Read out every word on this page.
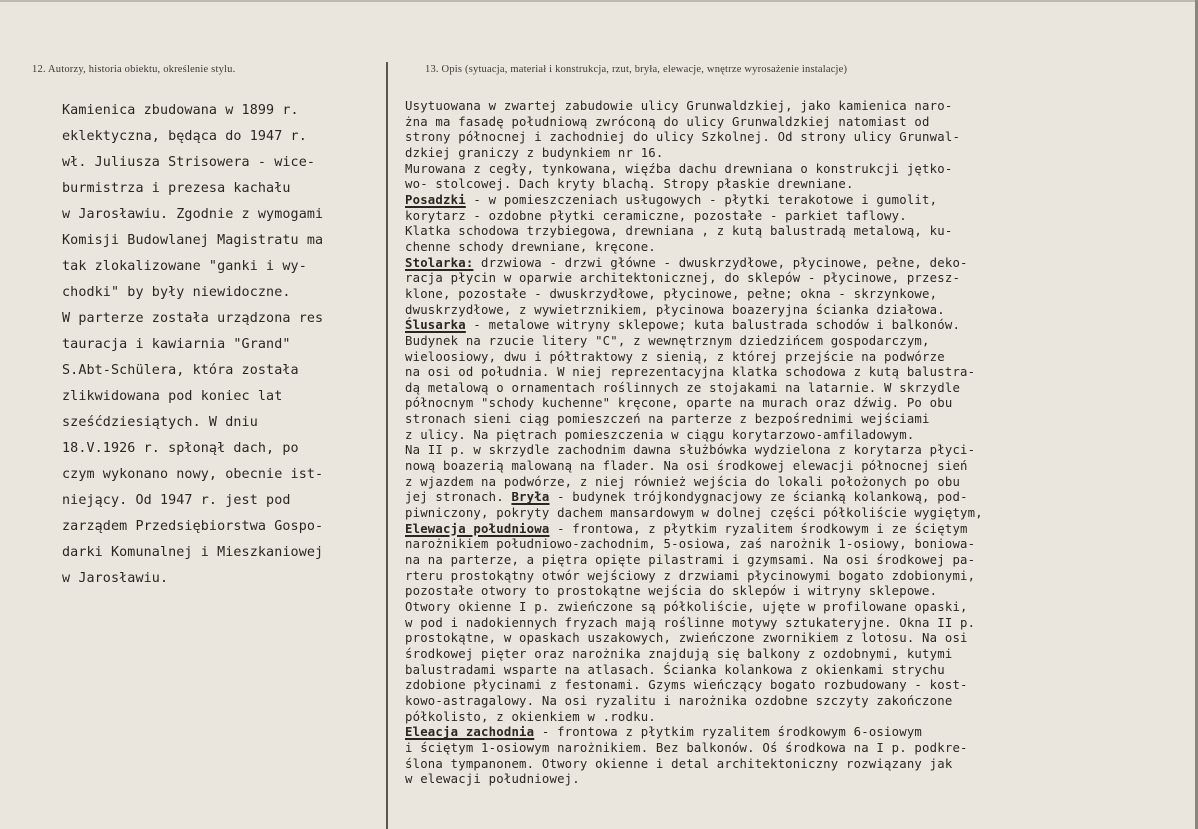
12. Autorzy, historia obiektu, określenie stylu.	13. Opis (sytuacja, materiał i konstrukcja, rzut, bryła, elewacje, wnętrze wyrosażenie instalacje)
Kamienica zbudowana w 1899 r.
eklektyczna, będąca do 1947 r.
wł. Juliusza Strisowera - wice-
burmistrza i prezesa kachału
w Jarosławiu. Zgodnie z wymogami
Komisji Budowlanej Magistratu ma
tak zlokalizowane "ganki i wy-
chodki" by były niewidoczne.
W parterze została urządzona res
tauracja i kawiarnia "Grand"
S.Abt-Schülera, która została
zlikwidowana pod koniec lat
sześćdziesiątych. W dniu
18.V.1926 r. spłonął dach, po
czym wykonano nowy, obecnie ist-
niejący. Od 1947 r. jest pod
zarządem Przedsiębiorstwa Gospo-
darki Komunalnej i Mieszkaniowej
w Jarosławiu.
Usytuowana w zwartej zabudowie ulicy Grunwaldzkiej, jako kamienica naro-
żna ma fasadę południową zwróconą do ulicy Grunwaldzkiej natomiast od
strony północnej i zachodniej do ulicy Szkolnej. Od strony ulicy Grunwal-
dzkiej graniczy z budynkiem nr 16.
Murowana z cegły, tynkowana, więźba dachu drewniana o konstrukcji jętko-
wo- stolcowej. Dach kryty blachą. Stropy płaskie drewniane.
Posadzki - w pomieszczeniach usługowych - płytki terakotowe i gumolit,
korytarz - ozdobne płytki ceramiczne, pozostałe - parkiet taflowy.
Klatka schodowa trzybiegowa, drewniana , z kutą balustradą metalową, ku-
chenne schody drewniane, kręcone.
Stolarka: drzwiowa - drzwi główne - dwuskrzydłowe, płycinowe, pełne, deko-
racja płycin w oparwie architektonicznej, do sklepów - płycinowe, przesz-
klone, pozostałe - dwuskrzydłowe, płycinowe, pełne; okna - skrzynkowe,
dwuskrzydłowe, z wywietrznikiem, płycinowa boazeryjna ścianka działowa.
Ślusarka - metalowe witryny sklepowe; kuta balustrada schodów i balkonów.
Budynek na rzucie litery "C", z wewnętrznym dziedzińcem gospodarczym,
wieloosiowy, dwu i półtraktowy z sienią, z której przejście na podwórze
na osi od południa. W niej reprezentacyjna klatka schodowa z kutą balustra-
dą metalową o ornamentach roślinnych ze stojakami na latarnie. W skrzydle
północnym "schody kuchenne" kręcone, oparte na murach oraz dźwig. Po obu
stronach sieni ciąg pomieszczeń na parterze z bezpośrednimi wejściami
z ulicy. Na piętrach pomieszczenia w ciągu korytarzowo-amfiladowym.
Na II p. w skrzydle zachodnim dawna służbówka wydzielona z korytarza płyci-
nową boazerią malowaną na flader. Na osi środkowej elewacji północnej sień
z wjazdem na podwórze, z niej również wejścia do lokali położonych po obu
jej stronach. Bryła - budynek trójkondygnacjowy ze ścianką kolankową, pod-
piwniczony, pokryty dachem mansardowym w dolnej części półkoliście wygiętym,
Elewacja południowa - frontowa, z płytkim ryzalitem środkowym i ze ściętym
narożnikiem południowo-zachodnim, 5-osiowa, zaś narożnik 1-osiowy, boniowa-
na na parterze, a piętra opięte pilastrami i gzymsami. Na osi środkowej pa-
rteru prostokątny otwór wejściowy z drzwiami płycinowymi bogato zdobionymi,
pozostałe otwory to prostokątne wejścia do sklepów i witryny sklepowe.
Otwory okienne I p. zwieńczone są półkoliście, ujęte w profilowane opaski,
w pod i nadokiennych fryzach mają roślinne motywy sztukateryjne. Okna II p.
prostokątne, w opaskach uszakowych, zwieńczone zwornikiem z lotosu. Na osi
środkowej pięter oraz narożnika znajdują się balkony z ozdobnymi, kutymi
balustradami wsparte na atlasach. Ścianka kolankowa z okienkami strychu
zdobione płycinami z festonami. Gzyms wieńczący bogato rozbudowany - kost-
kowo-astragalowy. Na osi ryzalitu i narożnika ozdobne szczyty zakończone
półkolisto, z okienkiem w .rodku.
Eleacja zachodnia - frontowa z płytkim ryzalitem środkowym 6-osiowym
i ściętym 1-osiowym narożnikiem. Bez balkonów. Oś środkowa na I p. podkre-
ślona tympanonem. Otwory okienne i detal architektoniczny rozwiązany jak
w elewacji południowej.
